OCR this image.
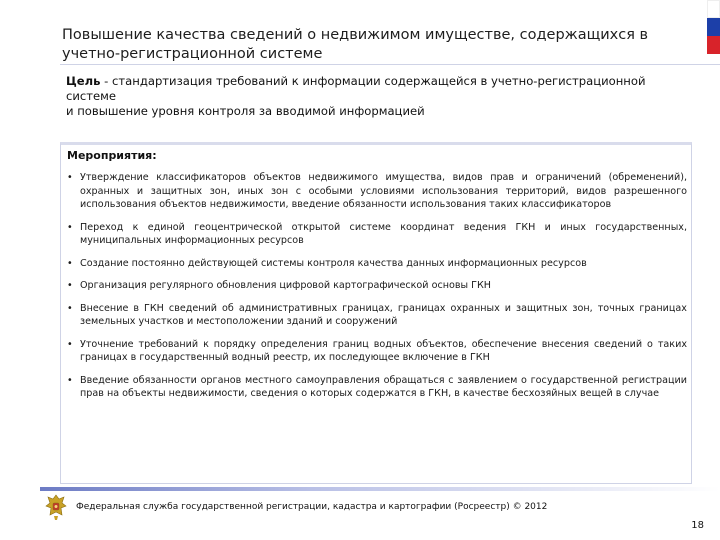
Повышение качества сведений о недвижимом имуществе, содержащихся в учетно-регистрационной системе
Цель - стандартизация требований к информации содержащейся в учетно-регистрационной системе
и повышение уровня контроля за вводимой информацией
Мероприятия:
• Утверждение классификаторов объектов недвижимого имущества, видов прав и ограничений (обременений), охранных и защитных зон, иных зон с особыми условиями использования территорий, видов разрешенного использования объектов недвижимости, введение обязанности использования таких классификаторов
• Переход к единой геоцентрической открытой системе координат ведения ГКН и иных государственных, муниципальных информационных ресурсов
• Создание постоянно действующей системы контроля качества данных информационных ресурсов
• Организация регулярного обновления цифровой картографической основы ГКН
• Внесение в ГКН сведений об административных границах, границах охранных и защитных зон, точных границах земельных участков и местоположении зданий и сооружений
• Уточнение требований к порядку определения границ водных объектов, обеспечение внесения сведений о таких границах в государственный водный реестр, их последующее включение в ГКН
• Введение обязанности органов местного самоуправления обращаться с заявлением о государственной регистрации прав на объекты недвижимости, сведения о которых содержатся в ГКН, в качестве бесхозяйных вещей в случае
Федеральная служба государственной регистрации, кадастра и картографии (Росреестр) © 2012
18
